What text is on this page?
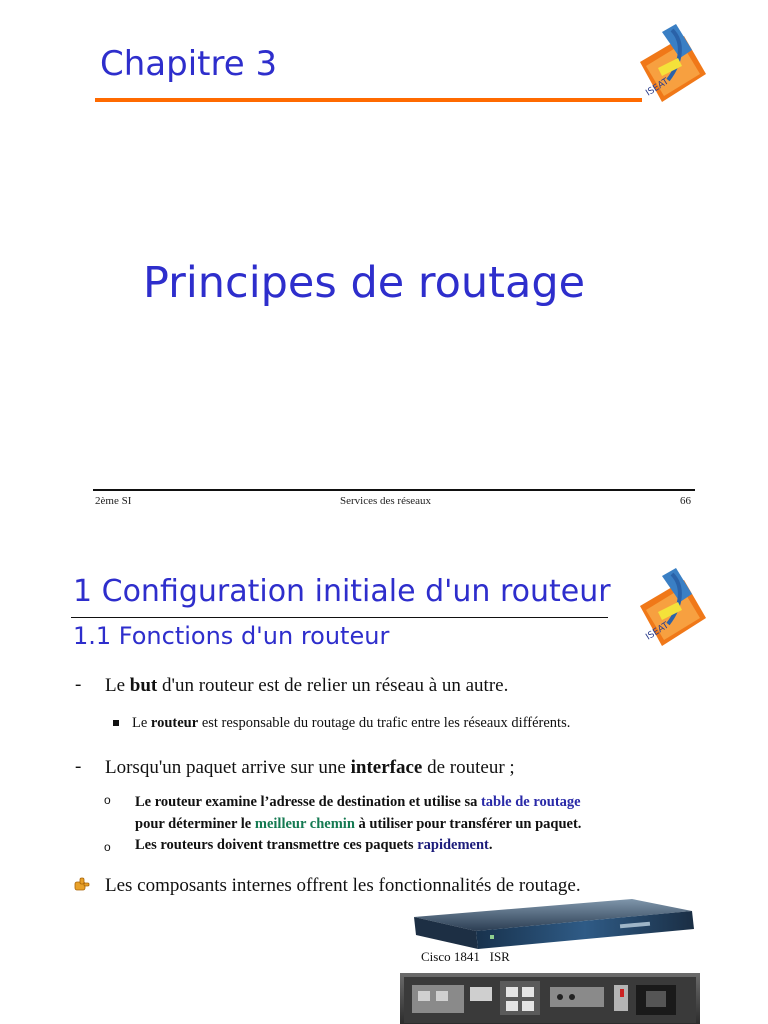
Chapitre 3
ISEAT
Principes de routage
2ème SI	Services des réseaux	66
ISEAT
1 Configuration initiale d'un routeur
1.1 Fonctions d'un routeur
- Le but d'un routeur est de relier un réseau à un autre.
Le routeur est responsable du routage du trafic entre les réseaux différents.
- Lorsqu'un paquet arrive sur une interface de routeur ;
o Le routeur examine l’adresse de destination et utilise sa table de routage
pour déterminer le meilleur chemin à utiliser pour transférer un paquet.
o Les routeurs doivent transmettre ces paquets rapidement.
Les composants internes offrent les fonctionnalités de routage.
Cisco 1841   ISR
